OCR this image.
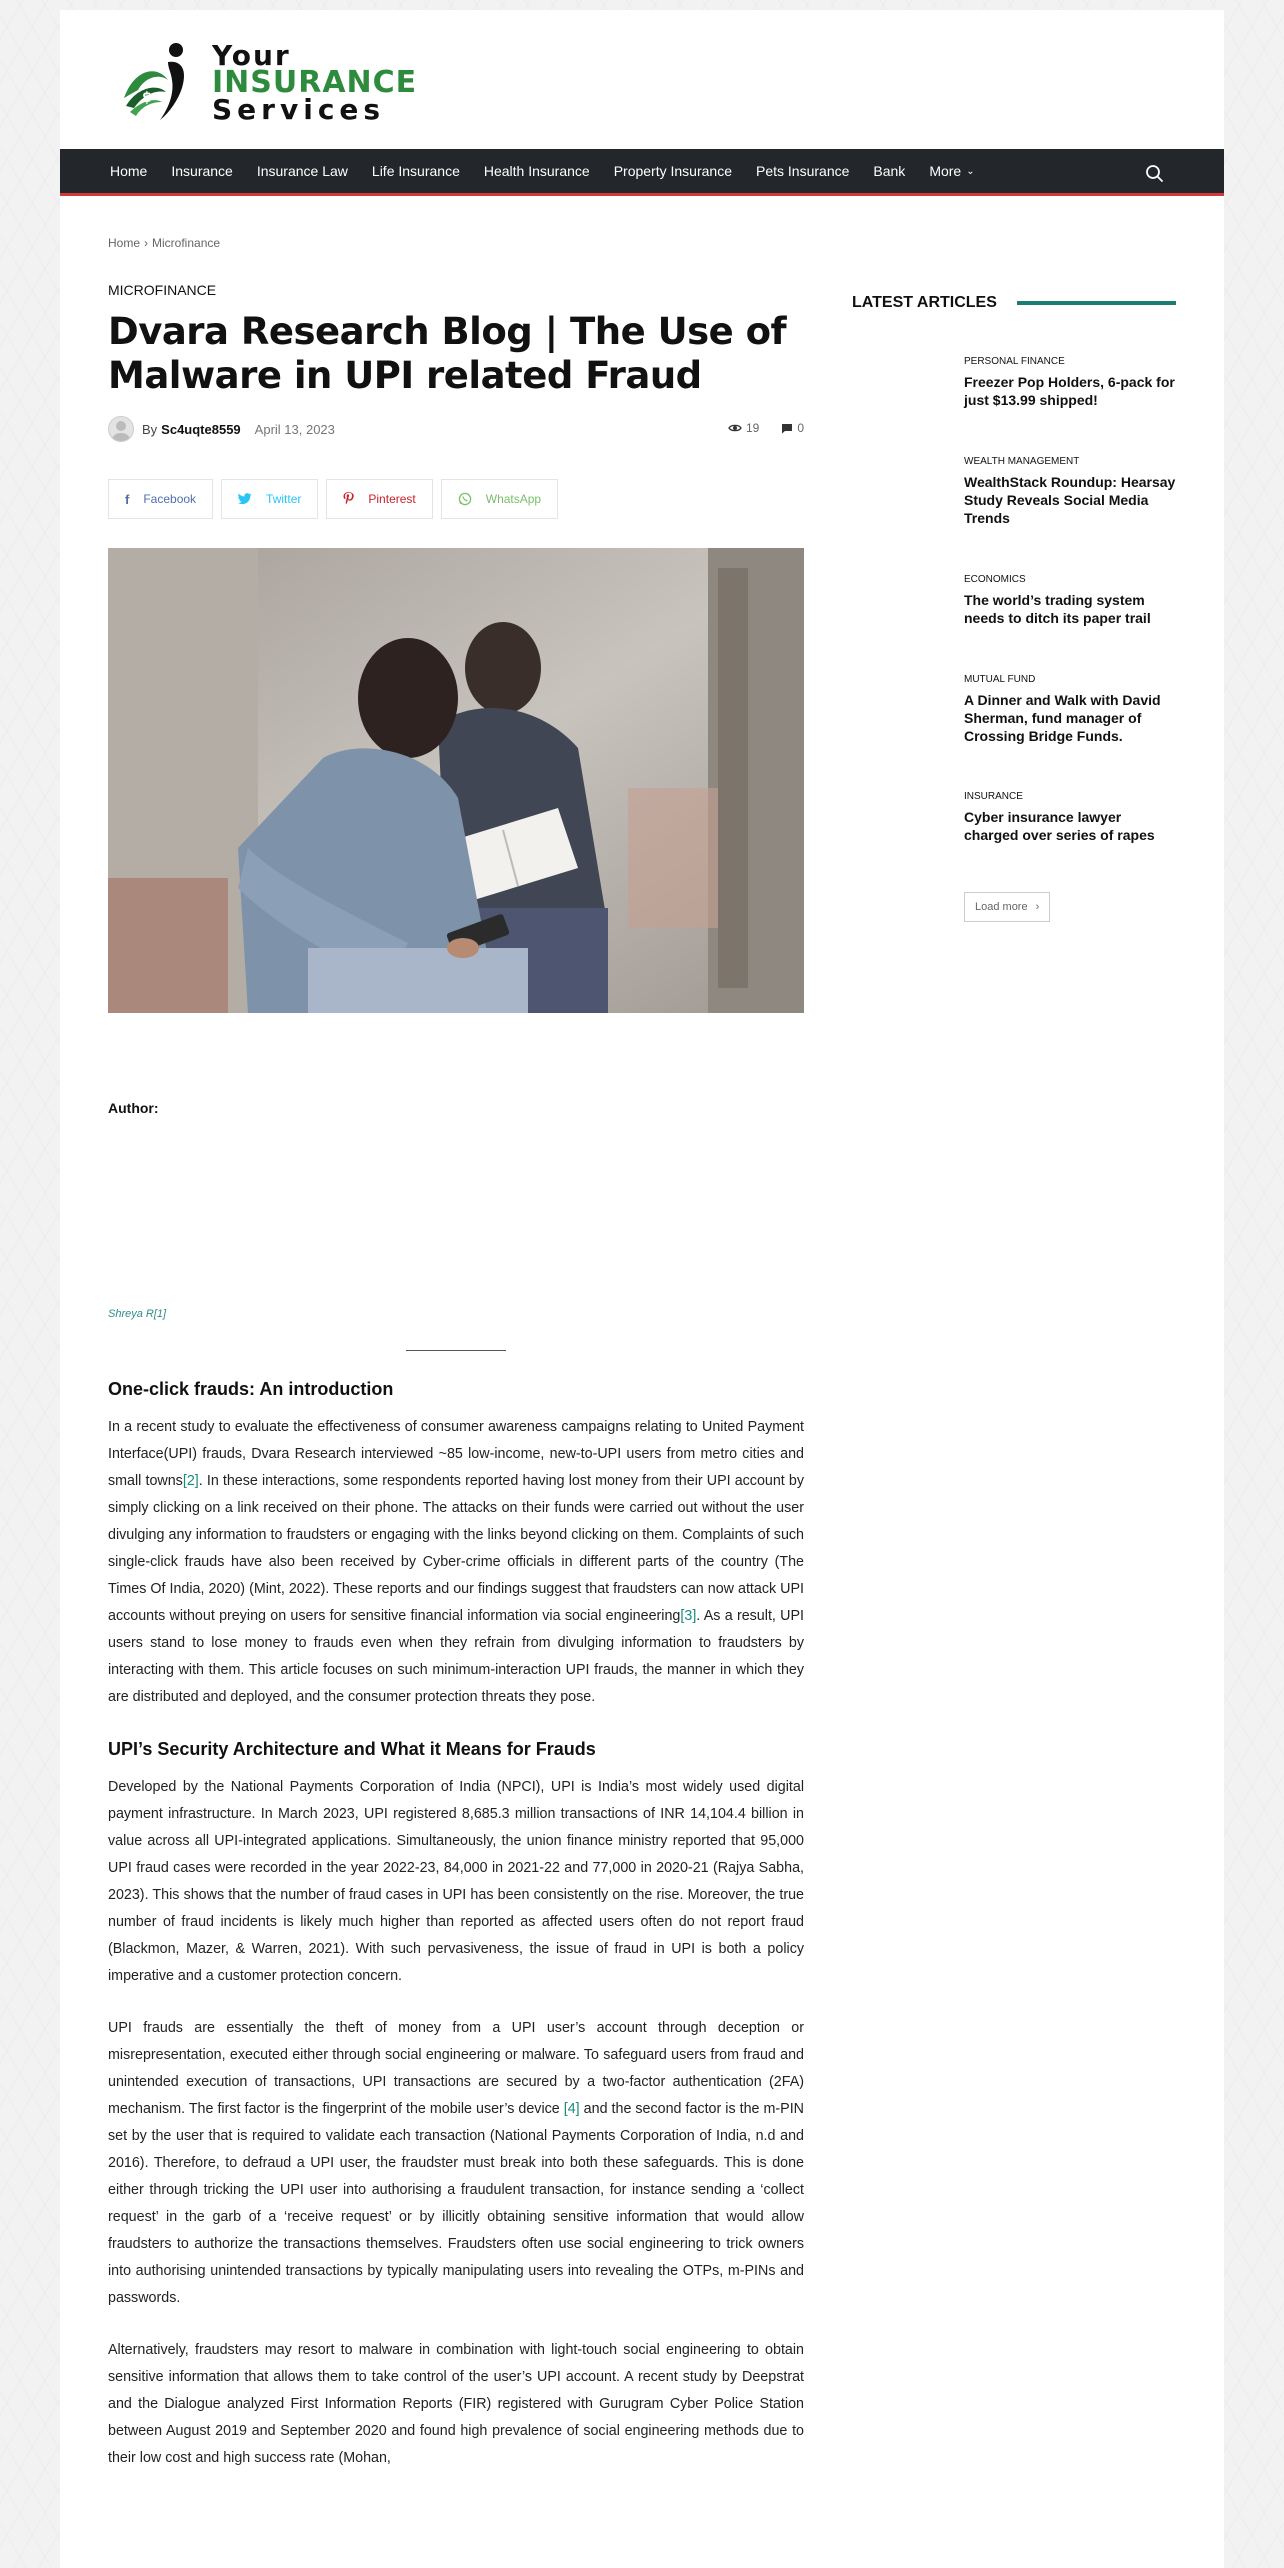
$
Your
INSURANCE
Services
Home Insurance Insurance Law Life Insurance Health Insurance Property Insurance Pets Insurance Bank More ⌄
Home › Microfinance
MICROFINANCE
Dvara Research Blog | The Use of Malware in UPI related Fraud
By Sc4uqte8559 April 13, 2023	19	0
f Facebook	Twitter	Pinterest	WhatsApp
Author:
Shreya R[1]
One-click frauds: An introduction

In a recent study to evaluate the effectiveness of consumer awareness campaigns relating to United Payment Interface(UPI) frauds, Dvara Research interviewed ~85 low-income, new-to-UPI users from metro cities and small towns[2]. In these interactions, some respondents reported having lost money from their UPI account by simply clicking on a link received on their phone. The attacks on their funds were carried out without the user divulging any information to fraudsters or engaging with the links beyond clicking on them. Complaints of such single-click frauds have also been received by Cyber-crime officials in different parts of the country (The Times Of India, 2020) (Mint, 2022). These reports and our findings suggest that fraudsters can now attack UPI accounts without preying on users for sensitive financial information via social engineering[3]. As a result, UPI users stand to lose money to frauds even when they refrain from divulging information to fraudsters by interacting with them. This article focuses on such minimum-interaction UPI frauds, the manner in which they are distributed and deployed, and the consumer protection threats they pose.

UPI’s Security Architecture and What it Means for Frauds

Developed by the National Payments Corporation of India (NPCI), UPI is India’s most widely used digital payment infrastructure. In March 2023, UPI registered 8,685.3 million transactions of INR 14,104.4 billion in value across all UPI-integrated applications. Simultaneously, the union finance ministry reported that 95,000 UPI fraud cases were recorded in the year 2022-23, 84,000 in 2021-22 and 77,000 in 2020-21 (Rajya Sabha, 2023). This shows that the number of fraud cases in UPI has been consistently on the rise. Moreover, the true number of fraud incidents is likely much higher than reported as affected users often do not report fraud (Blackmon, Mazer, & Warren, 2021). With such pervasiveness, the issue of fraud in UPI is both a policy imperative and a customer protection concern.

UPI frauds are essentially the theft of money from a UPI user’s account through deception or misrepresentation, executed either through social engineering or malware. To safeguard users from fraud and unintended execution of transactions, UPI transactions are secured by a two-factor authentication (2FA) mechanism. The first factor is the fingerprint of the mobile user’s device [4] and the second factor is the m-PIN set by the user that is required to validate each transaction (National Payments Corporation of India, n.d and 2016). Therefore, to defraud a UPI user, the fraudster must break into both these safeguards. This is done either through tricking the UPI user into authorising a fraudulent transaction, for instance sending a ‘collect request’ in the garb of a ‘receive request’ or by illicitly obtaining sensitive information that would allow fraudsters to authorize the transactions themselves. Fraudsters often use social engineering to trick owners into authorising unintended transactions by typically manipulating users into revealing the OTPs, m-PINs and passwords.

Alternatively, fraudsters may resort to malware in combination with light-touch social engineering to obtain sensitive information that allows them to take control of the user’s UPI account. A recent study by Deepstrat and the Dialogue analyzed First Information Reports (FIR) registered with Gurugram Cyber Police Station between August 2019 and September 2020 and found high prevalence of social engineering methods due to their low cost and high success rate (Mohan,

LATEST ARTICLES
PERSONAL FINANCE
Freezer Pop Holders, 6-pack for just $13.99 shipped!
WEALTH MANAGEMENT
WealthStack Roundup: Hearsay Study Reveals Social Media Trends
ECONOMICS
The world’s trading system needs to ditch its paper trail
MUTUAL FUND
A Dinner and Walk with David Sherman, fund manager of Crossing Bridge Funds.
INSURANCE
Cyber insurance lawyer charged over series of rapes
Load more ›
